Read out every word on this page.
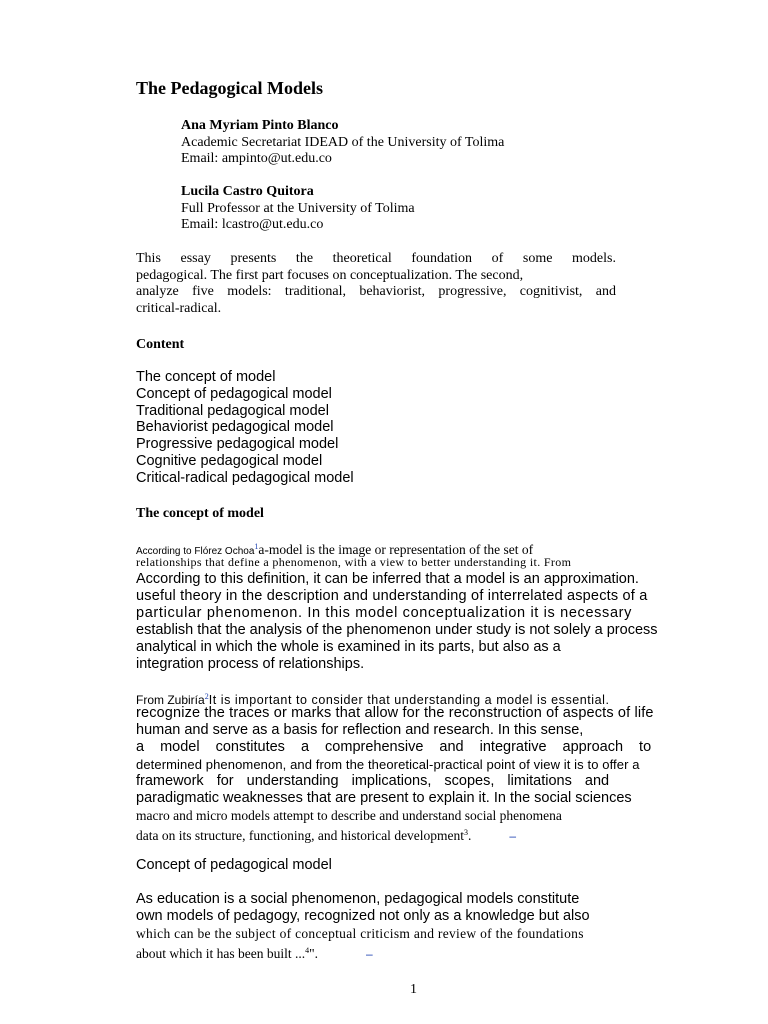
The Pedagogical Models
Ana Myriam Pinto Blanco
Academic Secretariat IDEAD of the University of Tolima
Email: ampinto@ut.edu.co
Lucila Castro Quitora
Full Professor at the University of Tolima
Email: lcastro@ut.edu.co
This essay presents the theoretical foundation of some models.
pedagogical. The first part focuses on conceptualization. The second,
analyze five models: traditional, behaviorist, progressive, cognitivist, and
critical-radical.
Content
The concept of model
Concept of pedagogical model
Traditional pedagogical model
Behaviorist pedagogical model
Progressive pedagogical model
Cognitive pedagogical model
Critical-radical pedagogical model
The concept of model
According to Flórez Ochoa$^1$a-model is the image or representation of the set of
relationships that define a phenomenon, with a view to better understanding it. From
According to this definition, it can be inferred that a model is an approximation.
useful theory in the description and understanding of interrelated aspects of a
particular phenomenon. In this model conceptualization it is necessary
establish that the analysis of the phenomenon under study is not solely a process
analytical in which the whole is examined in its parts, but also as a
integration process of relationships.
From Zubiría$^2$It is important to consider that understanding a model is essential.
recognize the traces or marks that allow for the reconstruction of aspects of life
human and serve as a basis for reflection and research. In this sense,
a model constitutes a comprehensive and integrative approach to
determined phenomenon, and from the theoretical-practical point of view it is to offer a
framework for understanding implications, scopes, limitations and
paradigmatic weaknesses that are present to explain it. In the social sciences
macro and micro models attempt to describe and understand social phenomena
data on its structure, functioning, and historical development$^3$.	–
Concept of pedagogical model
As education is a social phenomenon, pedagogical models constitute
own models of pedagogy, recognized not only as a knowledge but also
which can be the subject of conceptual criticism and review of the foundations
about which it has been built ...$^4$".	–
1
